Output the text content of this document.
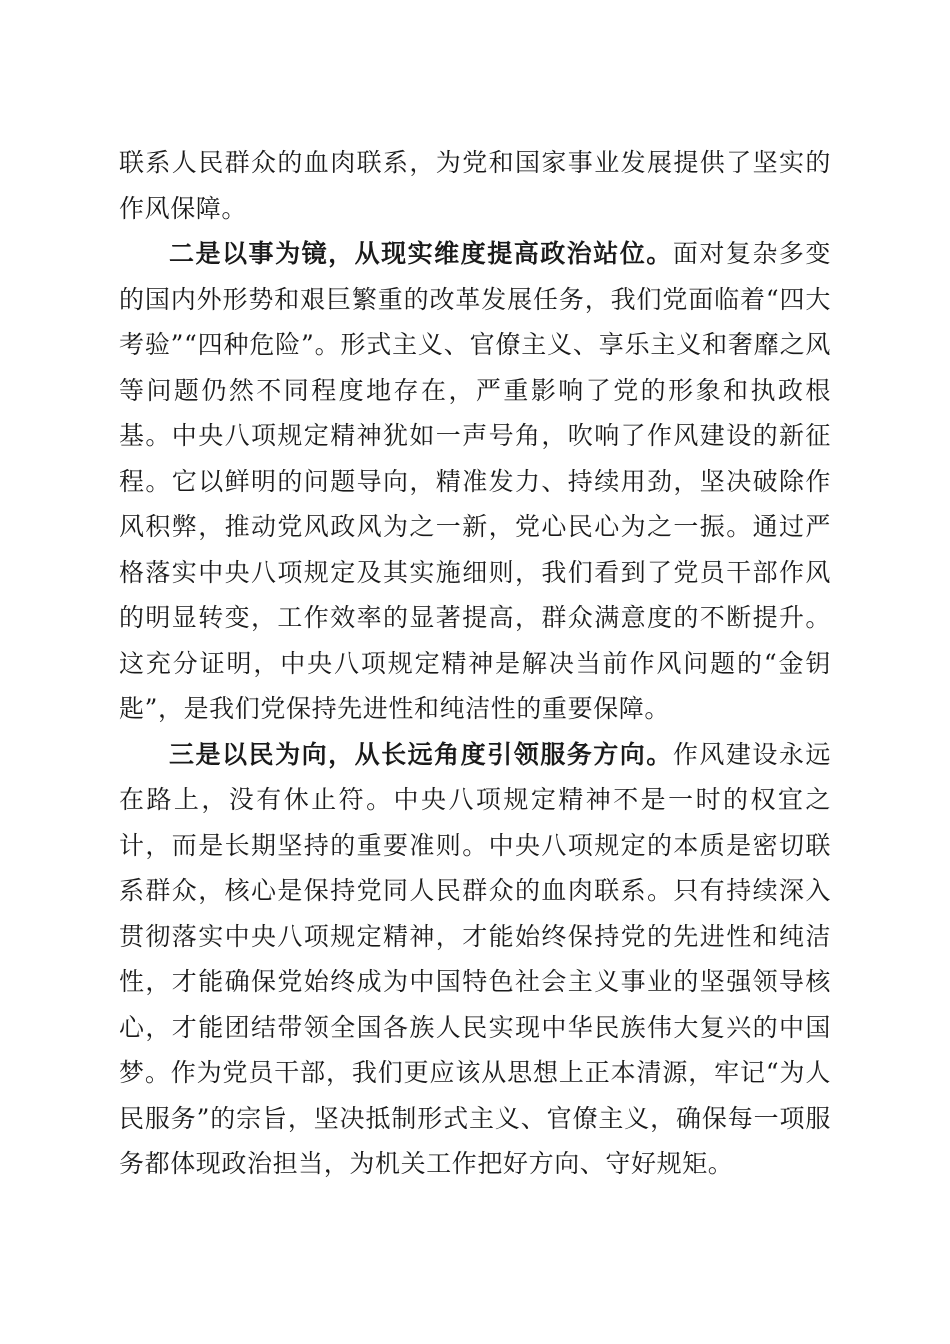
联系人民群众的血肉联系，为党和国家事业发展提供了坚实的作风保障。

二是以事为镜，从现实维度提高政治站位。面对复杂多变的国内外形势和艰巨繁重的改革发展任务，我们党面临着“四大考验”“四种危险”。形式主义、官僚主义、享乐主义和奢靡之风等问题仍然不同程度地存在，严重影响了党的形象和执政根基。中央八项规定精神犹如一声号角，吹响了作风建设的新征程。它以鲜明的问题导向，精准发力、持续用劲，坚决破除作风积弊，推动党风政风为之一新，党心民心为之一振。通过严格落实中央八项规定及其实施细则，我们看到了党员干部作风的明显转变，工作效率的显著提高，群众满意度的不断提升。这充分证明，中央八项规定精神是解决当前作风问题的“金钥匙”，是我们党保持先进性和纯洁性的重要保障。

三是以民为向，从长远角度引领服务方向。作风建设永远在路上，没有休止符。中央八项规定精神不是一时的权宜之计，而是长期坚持的重要准则。中央八项规定的本质是密切联系群众，核心是保持党同人民群众的血肉联系。只有持续深入贯彻落实中央八项规定精神，才能始终保持党的先进性和纯洁性，才能确保党始终成为中国特色社会主义事业的坚强领导核心，才能团结带领全国各族人民实现中华民族伟大复兴的中国梦。作为党员干部，我们更应该从思想上正本清源，牢记“为人民服务”的宗旨，坚决抵制形式主义、官僚主义，确保每一项服务都体现政治担当，为机关工作把好方向、守好规矩。
